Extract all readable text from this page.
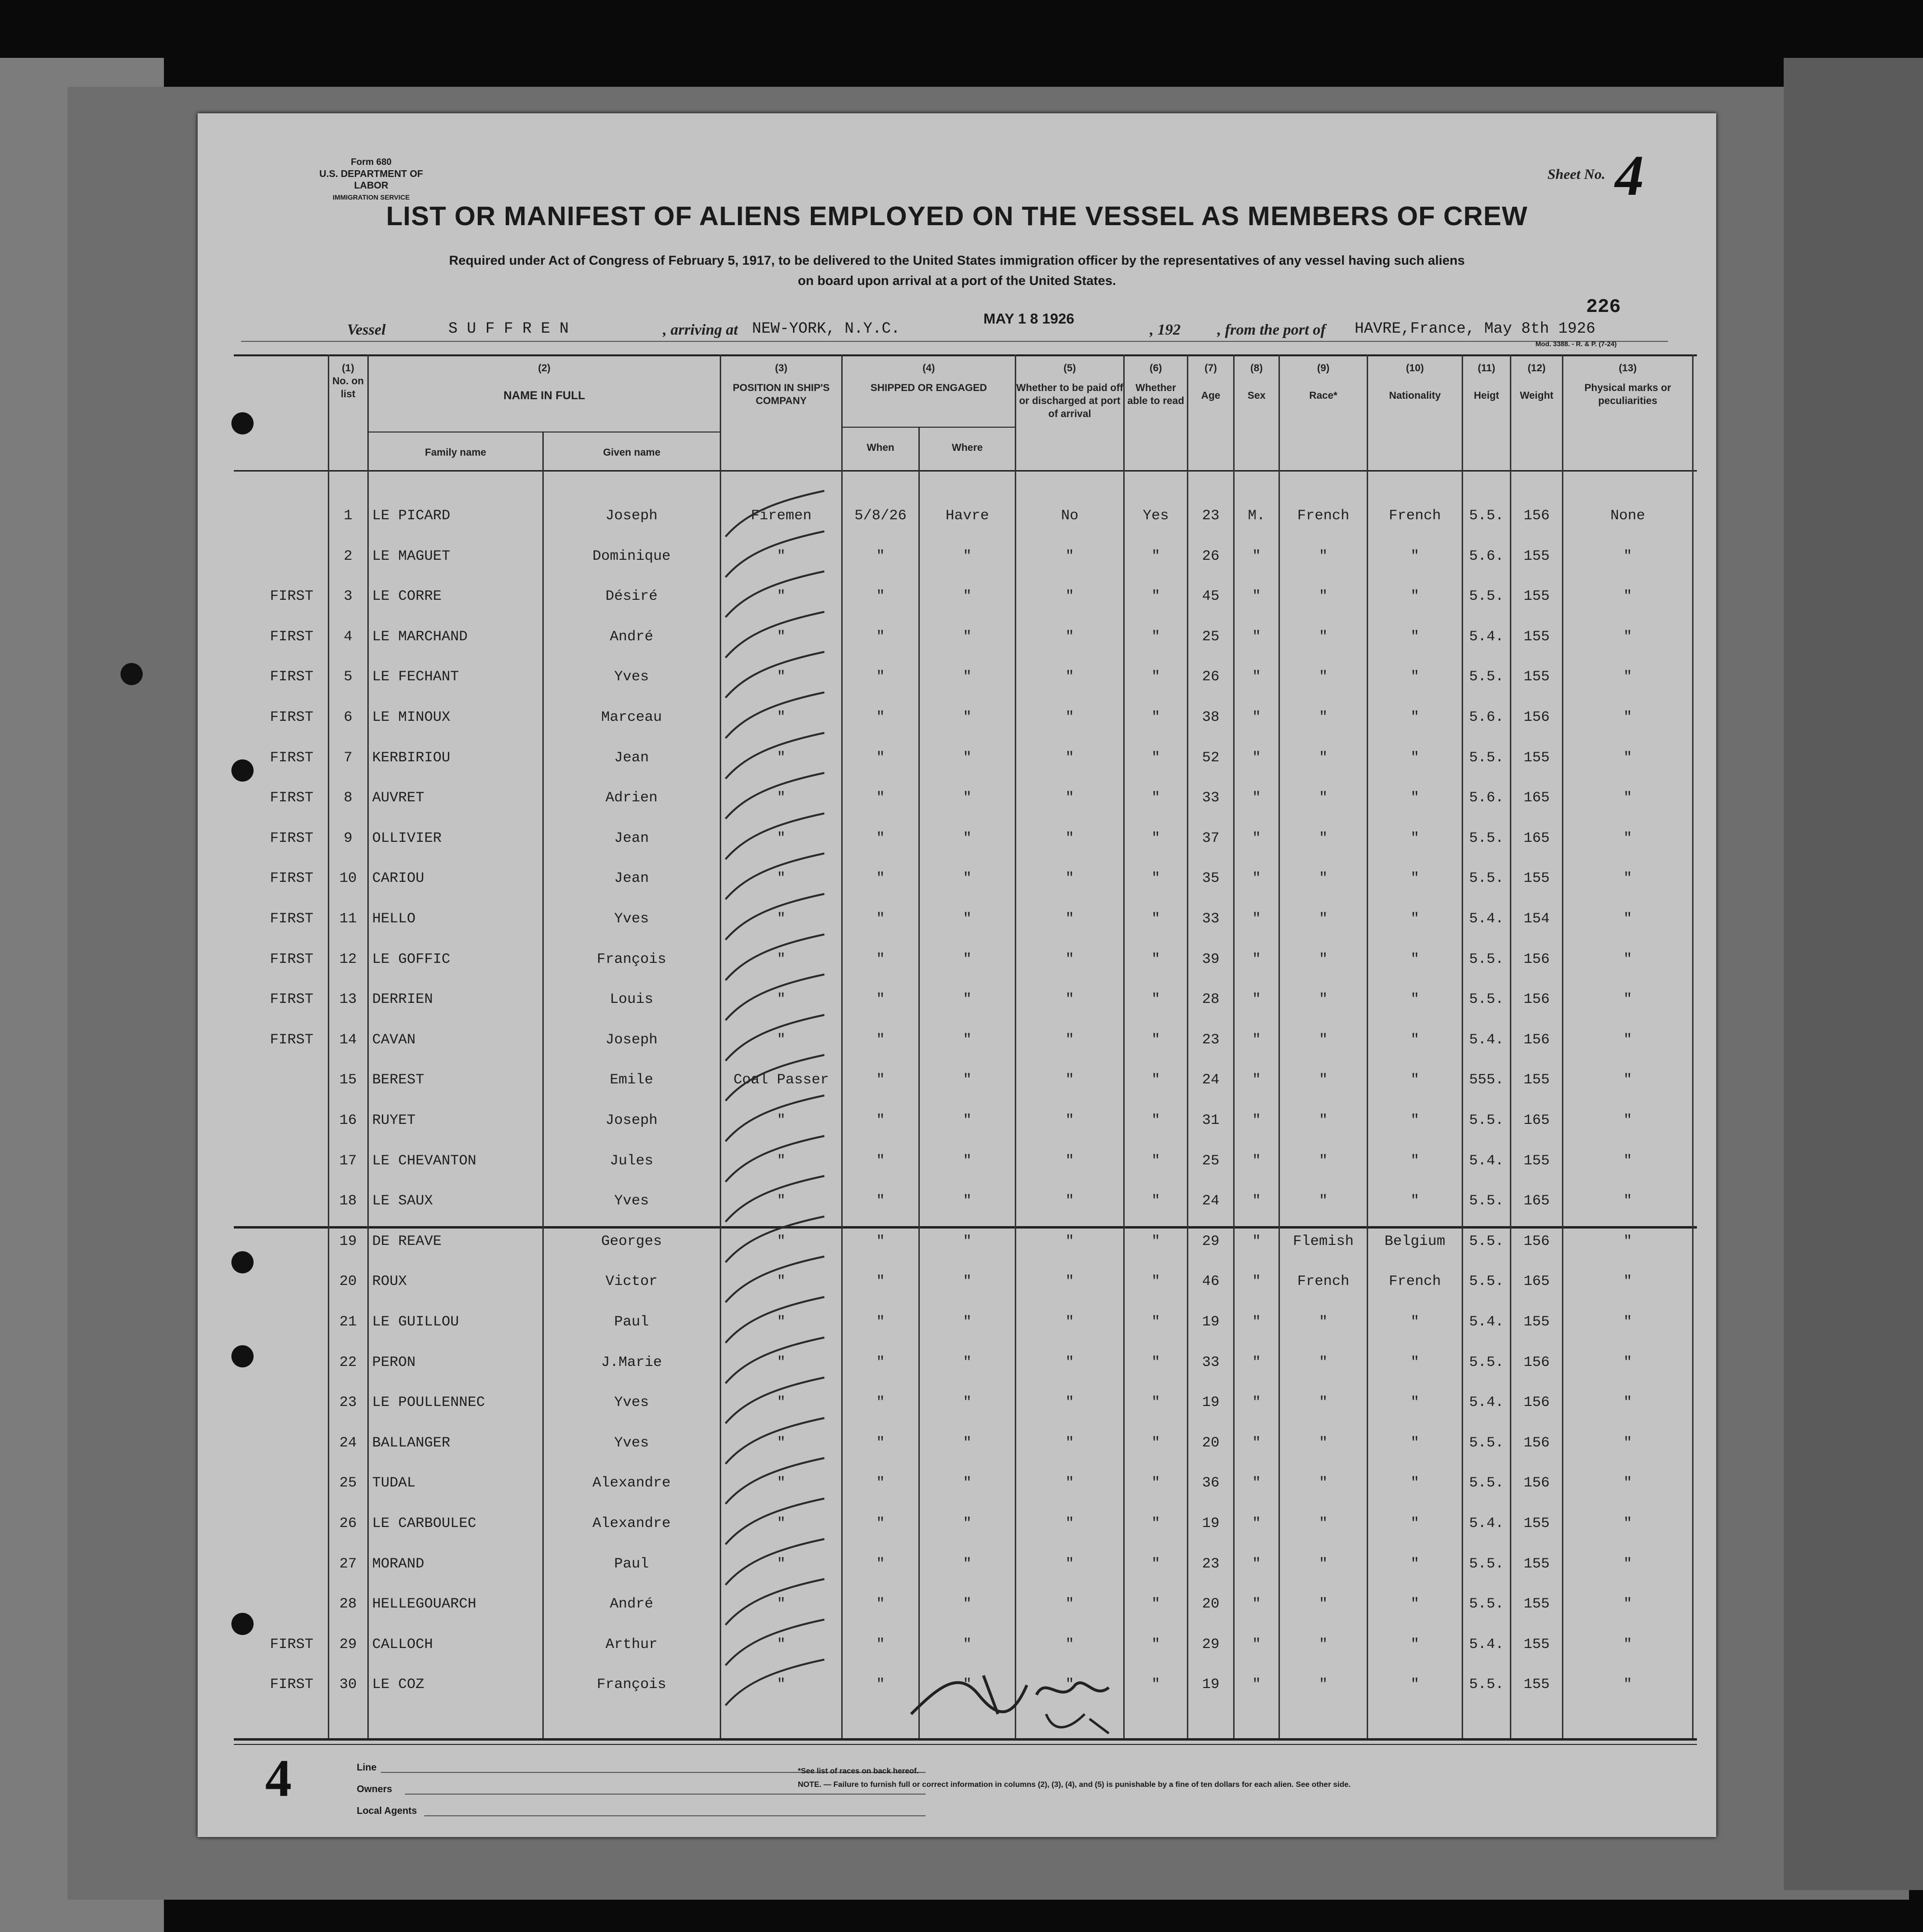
Form 680
U.S. DEPARTMENT OF LABOR
IMMIGRATION SERVICE
Sheet No. 4
LIST OR MANIFEST OF ALIENS EMPLOYED ON THE VESSEL AS MEMBERS OF CREW
Required under Act of Congress of February 5, 1917, to be delivered to the United States immigration officer by the representatives of any vessel having such aliens
on board upon arrival at a port of the United States.
226
Vessel	S U F F R E N	, arriving at NEW-YORK, N.Y.C.
MAY 1 8 1926
, 192 , from the port of HAVRE,France, May 8th 1926
Mod. 3388. - R. & P. (7-24)
(1)
No. on list
(2)
NAME IN FULL
Family name	Given name
(3)
POSITION IN SHIP'S COMPANY
(4)
SHIPPED OR ENGAGED
When	Where
(5)
Whether to be paid off or discharged at port of arrival
(6)
Whether able to read
(7)
Age
(8)
Sex
(9)
Race*
(10)
Nationality
(11)
Heigt
(12)
Weight
(13)
Physical marks or peculiarities
1	LE PICARD	Joseph	Firemen	5/8/26	Havre	No	Yes	23	M.	French	French	5.5.	156	None
2	LE MAGUET	Dominique	"	"	"	"	"	26	"	"	"	5.6.	155	"
FIRST	3	LE CORRE	Désiré	"	"	"	"	"	45	"	"	"	5.5.	155	"
FIRST	4	LE MARCHAND	André	"	"	"	"	"	25	"	"	"	5.4.	155	"
FIRST	5	LE FECHANT	Yves	"	"	"	"	"	26	"	"	"	5.5.	155	"
FIRST	6	LE MINOUX	Marceau	"	"	"	"	"	38	"	"	"	5.6.	156	"
FIRST	7	KERBIRIOU	Jean	"	"	"	"	"	52	"	"	"	5.5.	155	"
FIRST	8	AUVRET	Adrien	"	"	"	"	"	33	"	"	"	5.6.	165	"
FIRST	9	OLLIVIER	Jean	"	"	"	"	"	37	"	"	"	5.5.	165	"
FIRST	10	CARIOU	Jean	"	"	"	"	"	35	"	"	"	5.5.	155	"
FIRST	11	HELLO	Yves	"	"	"	"	"	33	"	"	"	5.4.	154	"
FIRST	12	LE GOFFIC	François	"	"	"	"	"	39	"	"	"	5.5.	156	"
FIRST	13	DERRIEN	Louis	"	"	"	"	"	28	"	"	"	5.5.	156	"
FIRST	14	CAVAN	Joseph	"	"	"	"	"	23	"	"	"	5.4.	156	"
15	BEREST	Emile	Coal Passer	"	"	"	"	24	"	"	"	555.	155	"
16	RUYET	Joseph	"	"	"	"	"	31	"	"	"	5.5.	165	"
17	LE CHEVANTON	Jules	"	"	"	"	"	25	"	"	"	5.4.	155	"
18	LE SAUX	Yves	"	"	"	"	"	24	"	"	"	5.5.	165	"
19	DE REAVE	Georges	"	"	"	"	"	29	"	Flemish	Belgium	5.5.	156	"
20	ROUX	Victor	"	"	"	"	"	46	"	French	French	5.5.	165	"
21	LE GUILLOU	Paul	"	"	"	"	"	19	"	"	"	5.4.	155	"
22	PERON	J.Marie	"	"	"	"	"	33	"	"	"	5.5.	156	"
23	LE POULLENNEC	Yves	"	"	"	"	"	19	"	"	"	5.4.	156	"
24	BALLANGER	Yves	"	"	"	"	"	20	"	"	"	5.5.	156	"
25	TUDAL	Alexandre	"	"	"	"	"	36	"	"	"	5.5.	156	"
26	LE CARBOULEC	Alexandre	"	"	"	"	"	19	"	"	"	5.4.	155	"
27	MORAND	Paul	"	"	"	"	"	23	"	"	"	5.5.	155	"
28	HELLEGOUARCH	André	"	"	"	"	"	20	"	"	"	5.5.	155	"
FIRST	29	CALLOCH	Arthur	"	"	"	"	"	29	"	"	"	5.4.	155	"
FIRST	30	LE COZ	François	"	"	"	"	"	19	"	"	"	5.5.	155	"
Line
Owners
Local Agents
*See list of races on back hereof.
NOTE. — Failure to furnish full or correct information in columns (2), (3), (4), and (5) is punishable by a fine of ten dollars for each alien. See other side.
4
